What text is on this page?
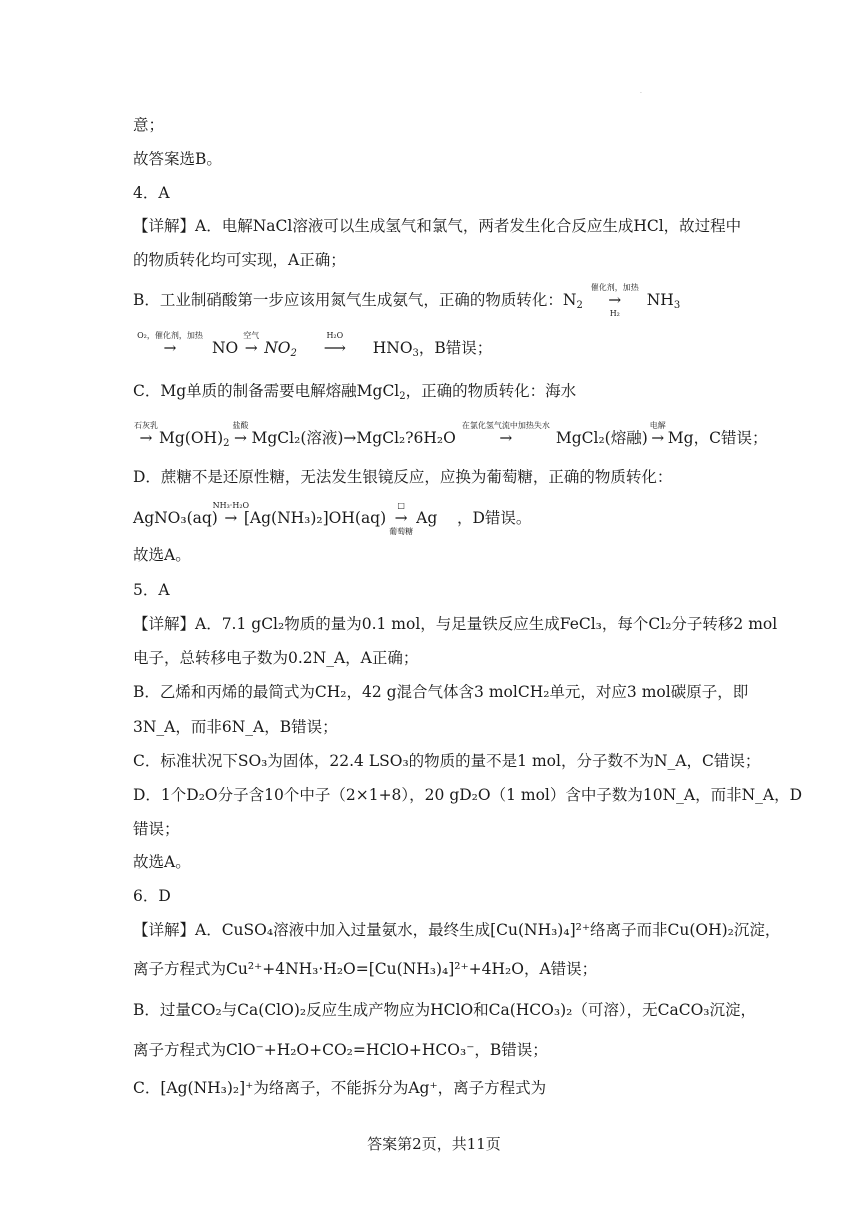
.
意；
故答案选B。
4．A
【详解】A．电解NaCl溶液可以生成氢气和氯气，两者发生化合反应生成HCl，故过程中
的物质转化均可实现，A正确；
B．工业制硝酸第一步应该用氮气生成氨气，正确的物质转化：$N_2$
催化剂，加热
→
H₂
$NH_3$
O₂，催化剂，加热
→ NO
空气
→ $NO_2$
H₂O
⟶ $HNO_3$，B错误；
C．Mg单质的制备需要电解熔融MgCl$_2$，正确的物质转化：海水
石灰乳
→ $Mg(OH)_2$
盐酸
→ MgCl₂(溶液)→MgCl₂?6H₂O
在氯化氢气流中加热失水
→	MgCl₂(熔融)
电解
→ Mg，C错误；
D．蔗糖不是还原性糖，无法发生银镜反应，应换为葡萄糖，正确的物质转化：
AgNO₃(aq)
NH₃·H₂O
→ [Ag(NH₃)₂]OH(aq)
□
→
葡萄糖
Ag ，D错误。
故选A。
5．A
【详解】A．7.1 gCl₂物质的量为0.1 mol，与足量铁反应生成FeCl₃，每个Cl₂分子转移2 mol
电子，总转移电子数为0.2N_A，A正确；
B．乙烯和丙烯的最简式为CH₂，42 g混合气体含3 molCH₂单元，对应3 mol碳原子，即
3N_A，而非6N_A，B错误；
C．标准状况下SO₃为固体，22.4 LSO₃的物质的量不是1 mol，分子数不为N_A，C错误；
D．1个D₂O分子含10个中子（2×1+8），20 gD₂O（1 mol）含中子数为10N_A，而非N_A，D
错误；
故选A。
6．D
【详解】A．CuSO₄溶液中加入过量氨水，最终生成[Cu(NH₃)₄]²⁺络离子而非Cu(OH)₂沉淀，
离子方程式为Cu²⁺+4NH₃·H₂O=[Cu(NH₃)₄]²⁺+4H₂O，A错误；
B．过量CO₂与Ca(ClO)₂反应生成产物应为HClO和Ca(HCO₃)₂（可溶），无CaCO₃沉淀，
离子方程式为ClO⁻+H₂O+CO₂=HClO+HCO₃⁻，B错误；
C．[Ag(NH₃)₂]⁺为络离子，不能拆分为Ag⁺，离子方程式为
答案第2页，共11页
